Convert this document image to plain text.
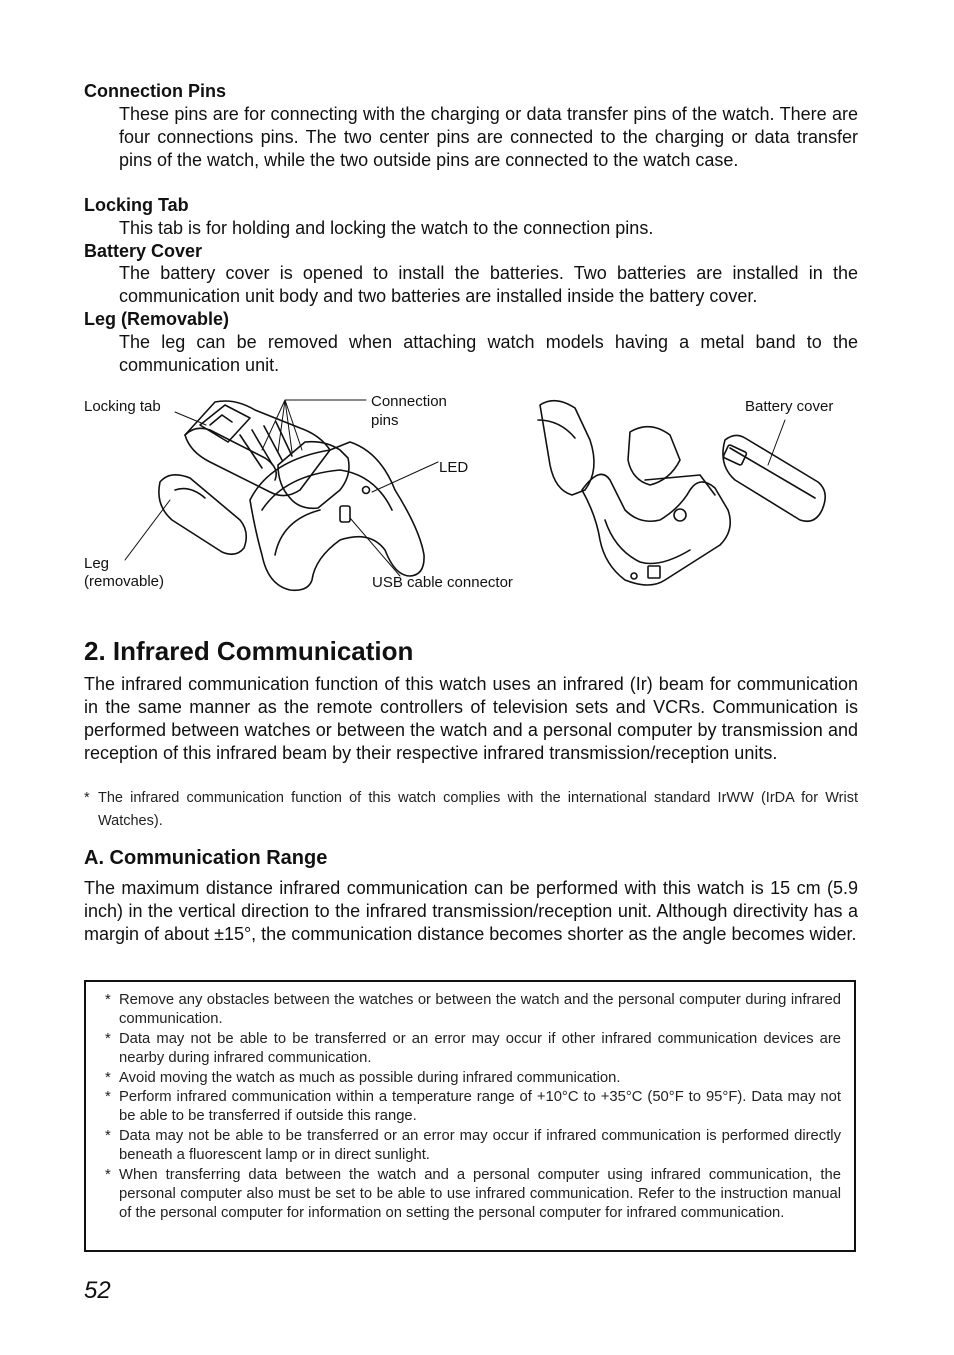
Connection Pins
These pins are for connecting with the charging or data transfer pins of the watch. There are four connections pins. The two center pins are connected to the charging or data transfer pins of the watch, while the two outside pins are connected to the watch case.
Locking Tab
This tab is for holding and locking the watch to the connection pins.
Battery Cover
The battery cover is opened to install the batteries. Two batteries are installed in the communication unit body and two batteries are installed inside the battery cover.
Leg (Removable)
The leg can be removed when attaching watch models having a metal band to the communication unit.
Locking tab	Connection
pins
LED
Leg
(removable)	USB cable connector
Battery cover
2. Infrared Communication
The infrared communication function of this watch uses an infrared (Ir) beam for communication in the same manner as the remote controllers of television sets and VCRs. Communication is performed between watches or between the watch and a personal computer by transmission and reception of this infrared beam by their respective infrared transmission/reception units.
* The infrared communication function of this watch complies with the international standard IrWW (IrDA for Wrist Watches).
A. Communication Range
The maximum distance infrared communication can be performed with this watch is 15 cm (5.9 inch) in the vertical direction to the infrared transmission/reception unit. Although directivity has a margin of about ±15°, the communication distance becomes shorter as the angle becomes wider.
* Remove any obstacles between the watches or between the watch and the personal computer during infrared communication.
* Data may not be able to be transferred or an error may occur if other infrared communication devices are nearby during infrared communication.
* Avoid moving the watch as much as possible during infrared communication.
* Perform infrared communication within a temperature range of +10°C to +35°C (50°F to 95°F). Data may not be able to be transferred if outside this range.
* Data may not be able to be transferred or an error may occur if infrared communication is performed directly beneath a fluorescent lamp or in direct sunlight.
* When transferring data between the watch and a personal computer using infrared communication, the personal computer also must be set to be able to use infrared communication. Refer to the instruction manual of the personal computer for information on setting the personal computer for infrared communication.
52
